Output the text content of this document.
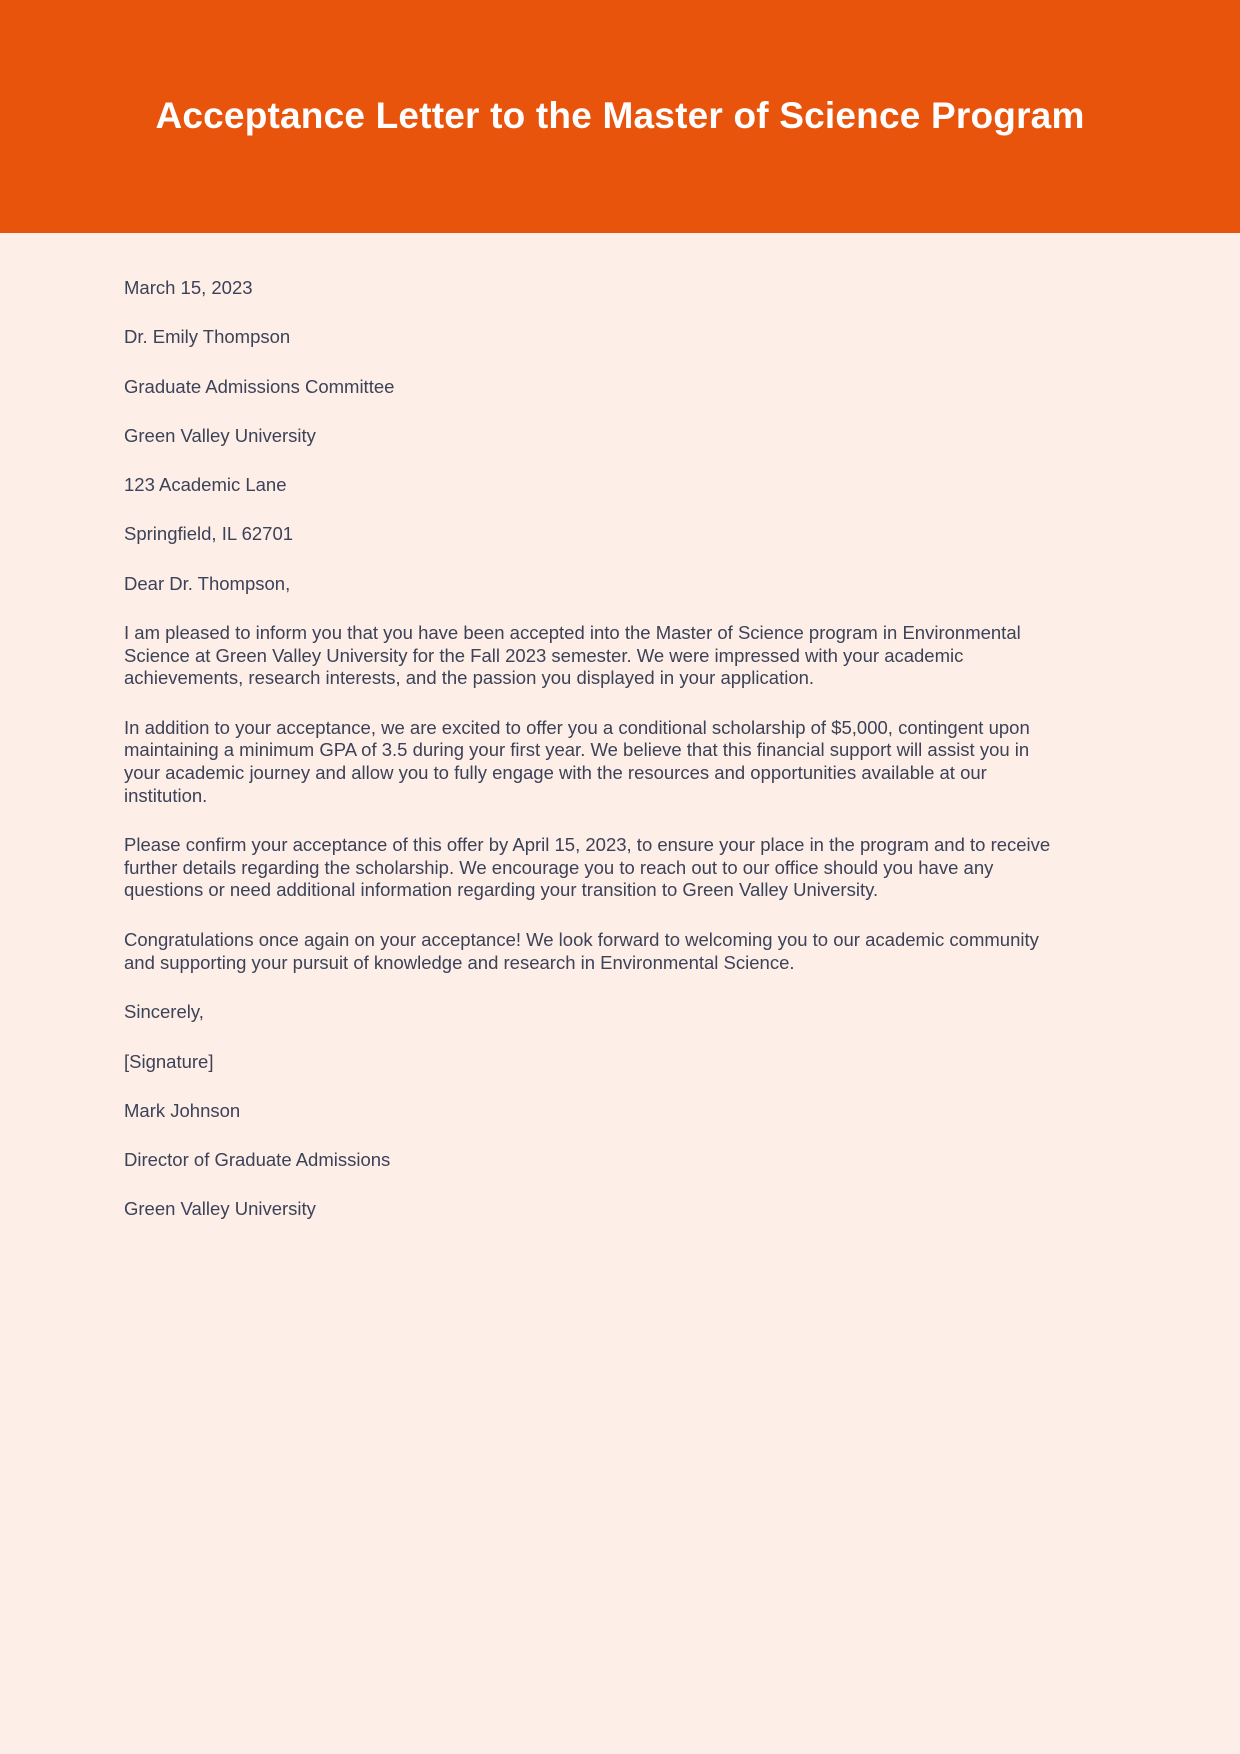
Acceptance Letter to the Master of Science Program

March 15, 2023

Dr. Emily Thompson

Graduate Admissions Committee

Green Valley University

123 Academic Lane

Springfield, IL 62701

Dear Dr. Thompson,

I am pleased to inform you that you have been accepted into the Master of Science program in Environmental Science at Green Valley University for the Fall 2023 semester. We were impressed with your academic achievements, research interests, and the passion you displayed in your application.

In addition to your acceptance, we are excited to offer you a conditional scholarship of $5,000, contingent upon maintaining a minimum GPA of 3.5 during your first year. We believe that this financial support will assist you in your academic journey and allow you to fully engage with the resources and opportunities available at our institution.

Please confirm your acceptance of this offer by April 15, 2023, to ensure your place in the program and to receive further details regarding the scholarship. We encourage you to reach out to our office should you have any questions or need additional information regarding your transition to Green Valley University.

Congratulations once again on your acceptance! We look forward to welcoming you to our academic community and supporting your pursuit of knowledge and research in Environmental Science.

Sincerely,

[Signature]

Mark Johnson

Director of Graduate Admissions

Green Valley University
